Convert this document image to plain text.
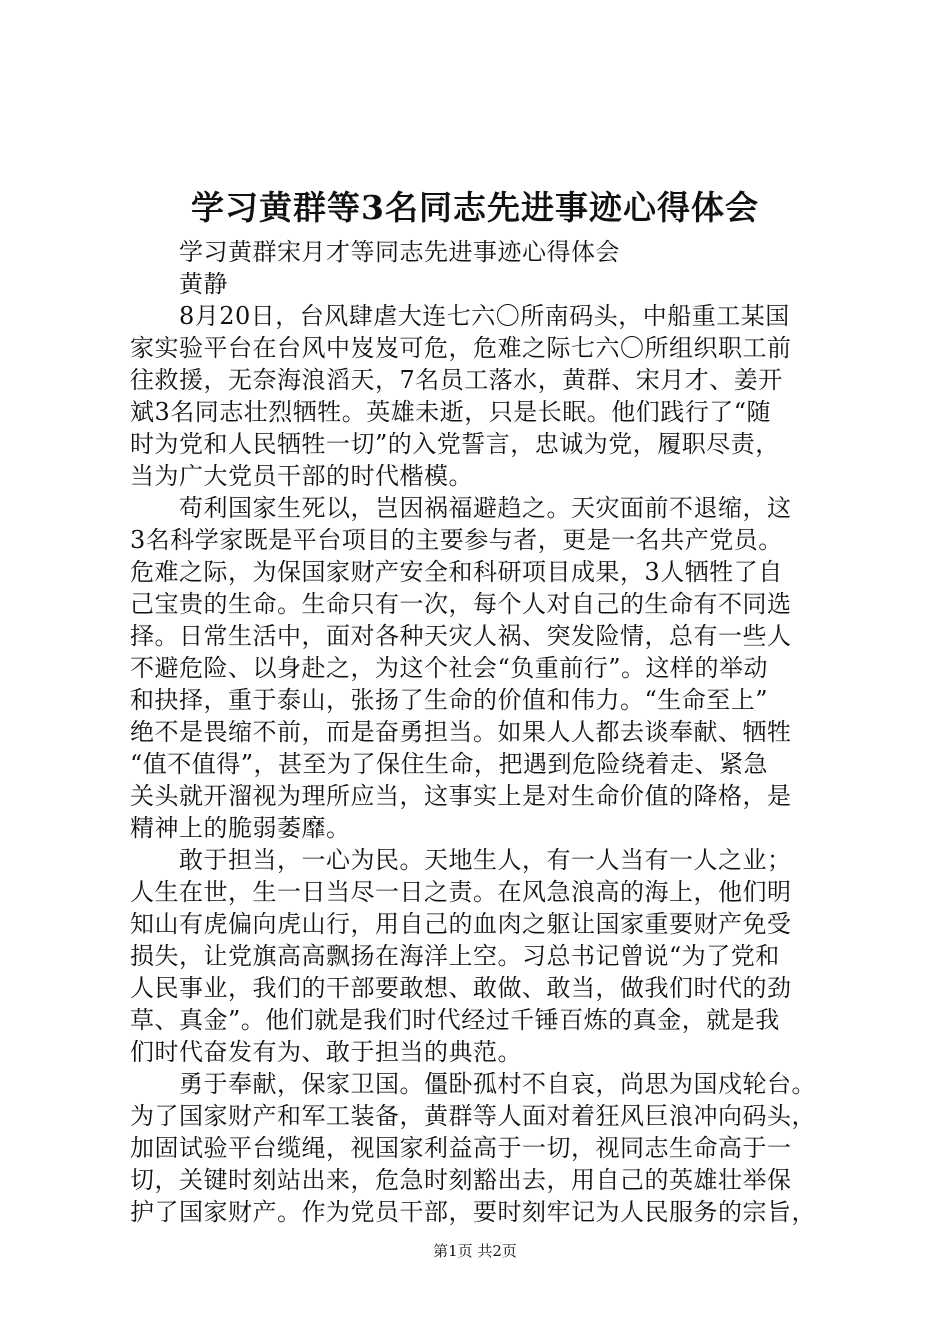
学习黄群等3名同志先进事迹心得体会
学习黄群宋月才等同志先进事迹心得体会
黄静
8月20日，台风肆虐大连七六〇所南码头，中船重工某国
家实验平台在台风中岌岌可危，危难之际七六〇所组织职工前
往救援，无奈海浪滔天，7名员工落水，黄群、宋月才、姜开
斌3名同志壮烈牺牲。英雄未逝，只是长眠。他们践行了“随
时为党和人民牺牲一切”的入党誓言，忠诚为党，履职尽责，
当为广大党员干部的时代楷模。
苟利国家生死以，岂因祸福避趋之。天灾面前不退缩，这
3名科学家既是平台项目的主要参与者，更是一名共产党员。
危难之际，为保国家财产安全和科研项目成果，3人牺牲了自
己宝贵的生命。生命只有一次，每个人对自己的生命有不同选
择。日常生活中，面对各种天灾人祸、突发险情，总有一些人
不避危险、以身赴之，为这个社会“负重前行”。这样的举动
和抉择，重于泰山，张扬了生命的价值和伟力。“生命至上”
绝不是畏缩不前，而是奋勇担当。如果人人都去谈奉献、牺牲
“值不值得”，甚至为了保住生命，把遇到危险绕着走、紧急
关头就开溜视为理所应当，这事实上是对生命价值的降格，是
精神上的脆弱萎靡。
敢于担当，一心为民。天地生人，有一人当有一人之业；
人生在世，生一日当尽一日之责。在风急浪高的海上，他们明
知山有虎偏向虎山行，用自己的血肉之躯让国家重要财产免受
损失，让党旗高高飘扬在海洋上空。习总书记曾说“为了党和
人民事业，我们的干部要敢想、敢做、敢当，做我们时代的劲
草、真金”。他们就是我们时代经过千锤百炼的真金，就是我
们时代奋发有为、敢于担当的典范。
勇于奉献，保家卫国。僵卧孤村不自哀，尚思为国戍轮台。
为了国家财产和军工装备，黄群等人面对着狂风巨浪冲向码头，
加固试验平台缆绳，视国家利益高于一切，视同志生命高于一
切，关键时刻站出来，危急时刻豁出去，用自己的英雄壮举保
护了国家财产。作为党员干部，要时刻牢记为人民服务的宗旨，
第1页 共2页
